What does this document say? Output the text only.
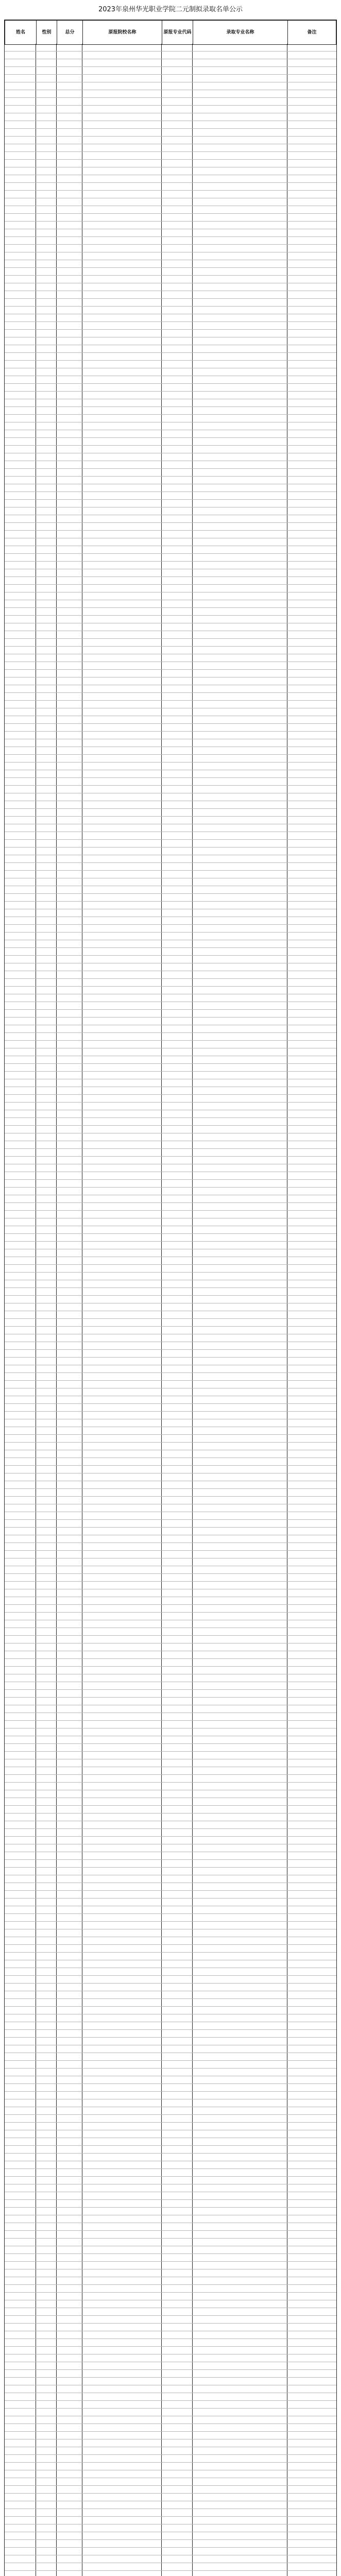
2023年泉州华光职业学院二元制拟录取名单公示
姓名	性别	总分	原报院校名称	原报专业代码	录取专业名称	备注
